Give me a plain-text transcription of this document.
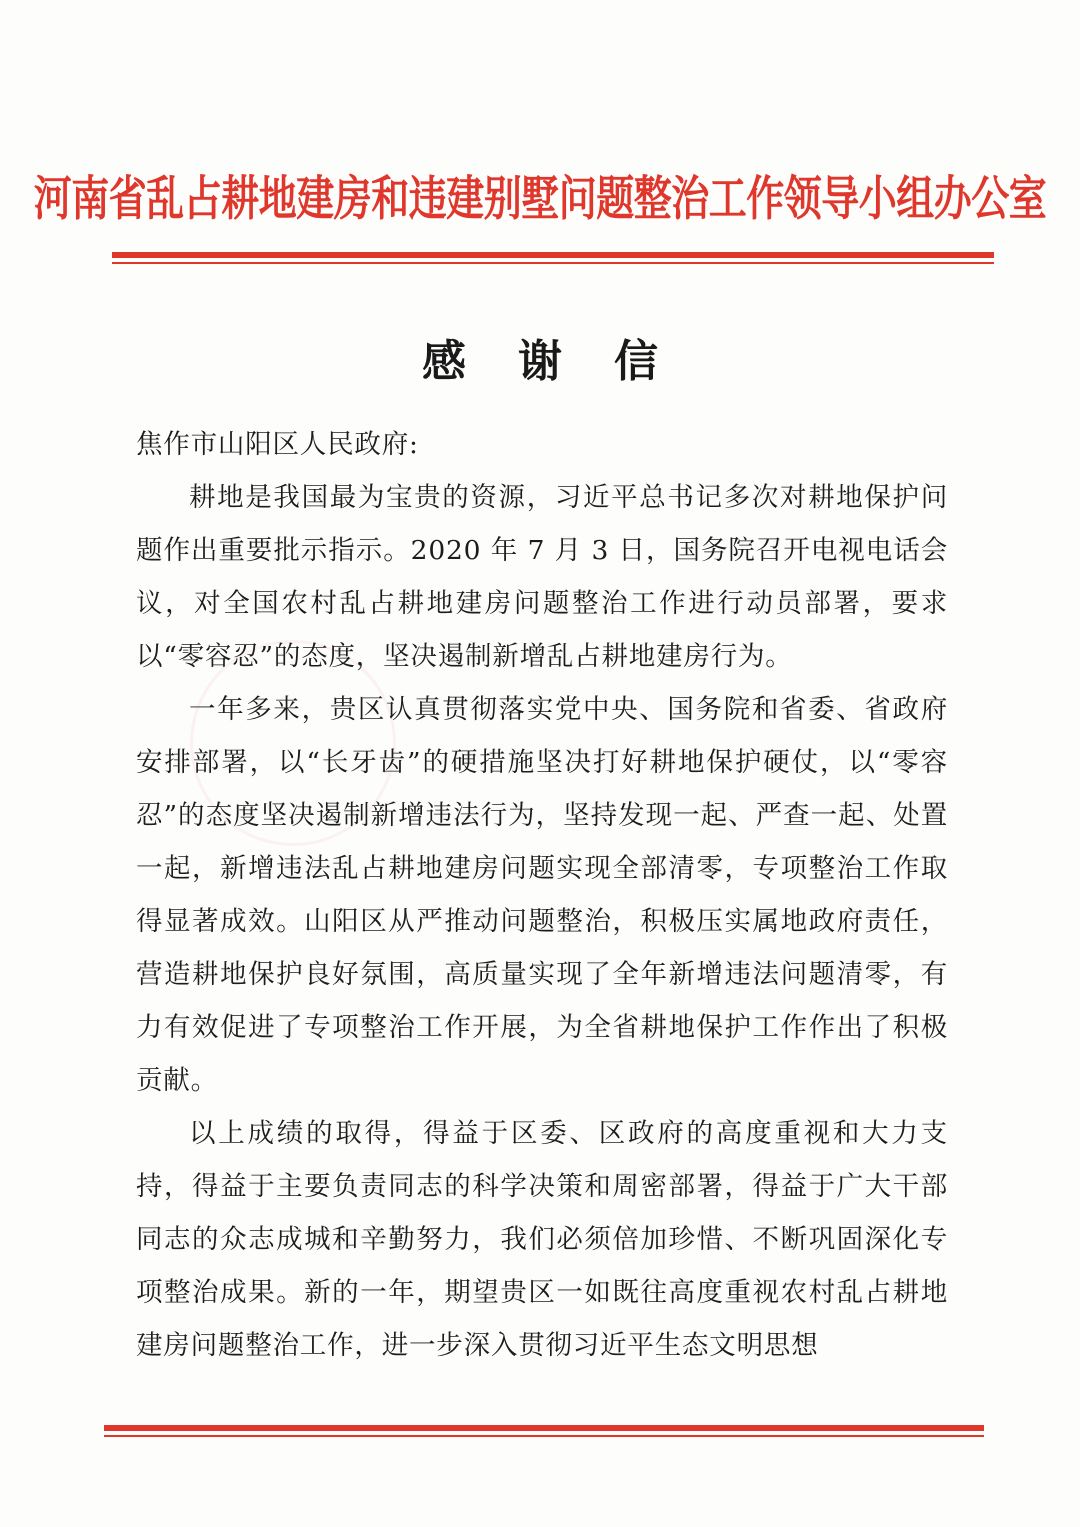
河南省乱占耕地建房和违建别墅问题整治工作领导小组办公室
感谢信

焦作市山阳区人民政府:

耕地是我国最为宝贵的资源，习近平总书记多次对耕地保护问题作出重要批示指示。2020 年 7 月 3 日，国务院召开电视电话会议，对全国农村乱占耕地建房问题整治工作进行动员部署，要求以“零容忍”的态度，坚决遏制新增乱占耕地建房行为。

一年多来，贵区认真贯彻落实党中央、国务院和省委、省政府安排部署，以“长牙齿”的硬措施坚决打好耕地保护硬仗，以“零容忍”的态度坚决遏制新增违法行为，坚持发现一起、严查一起、处置一起，新增违法乱占耕地建房问题实现全部清零，专项整治工作取得显著成效。山阳区从严推动问题整治，积极压实属地政府责任，营造耕地保护良好氛围，高质量实现了全年新增违法问题清零，有力有效促进了专项整治工作开展，为全省耕地保护工作作出了积极贡献。

以上成绩的取得，得益于区委、区政府的高度重视和大力支持，得益于主要负责同志的科学决策和周密部署，得益于广大干部同志的众志成城和辛勤努力，我们必须倍加珍惜、不断巩固深化专项整治成果。新的一年，期望贵区一如既往高度重视农村乱占耕地建房问题整治工作，进一步深入贯彻习近平生态文明思想
